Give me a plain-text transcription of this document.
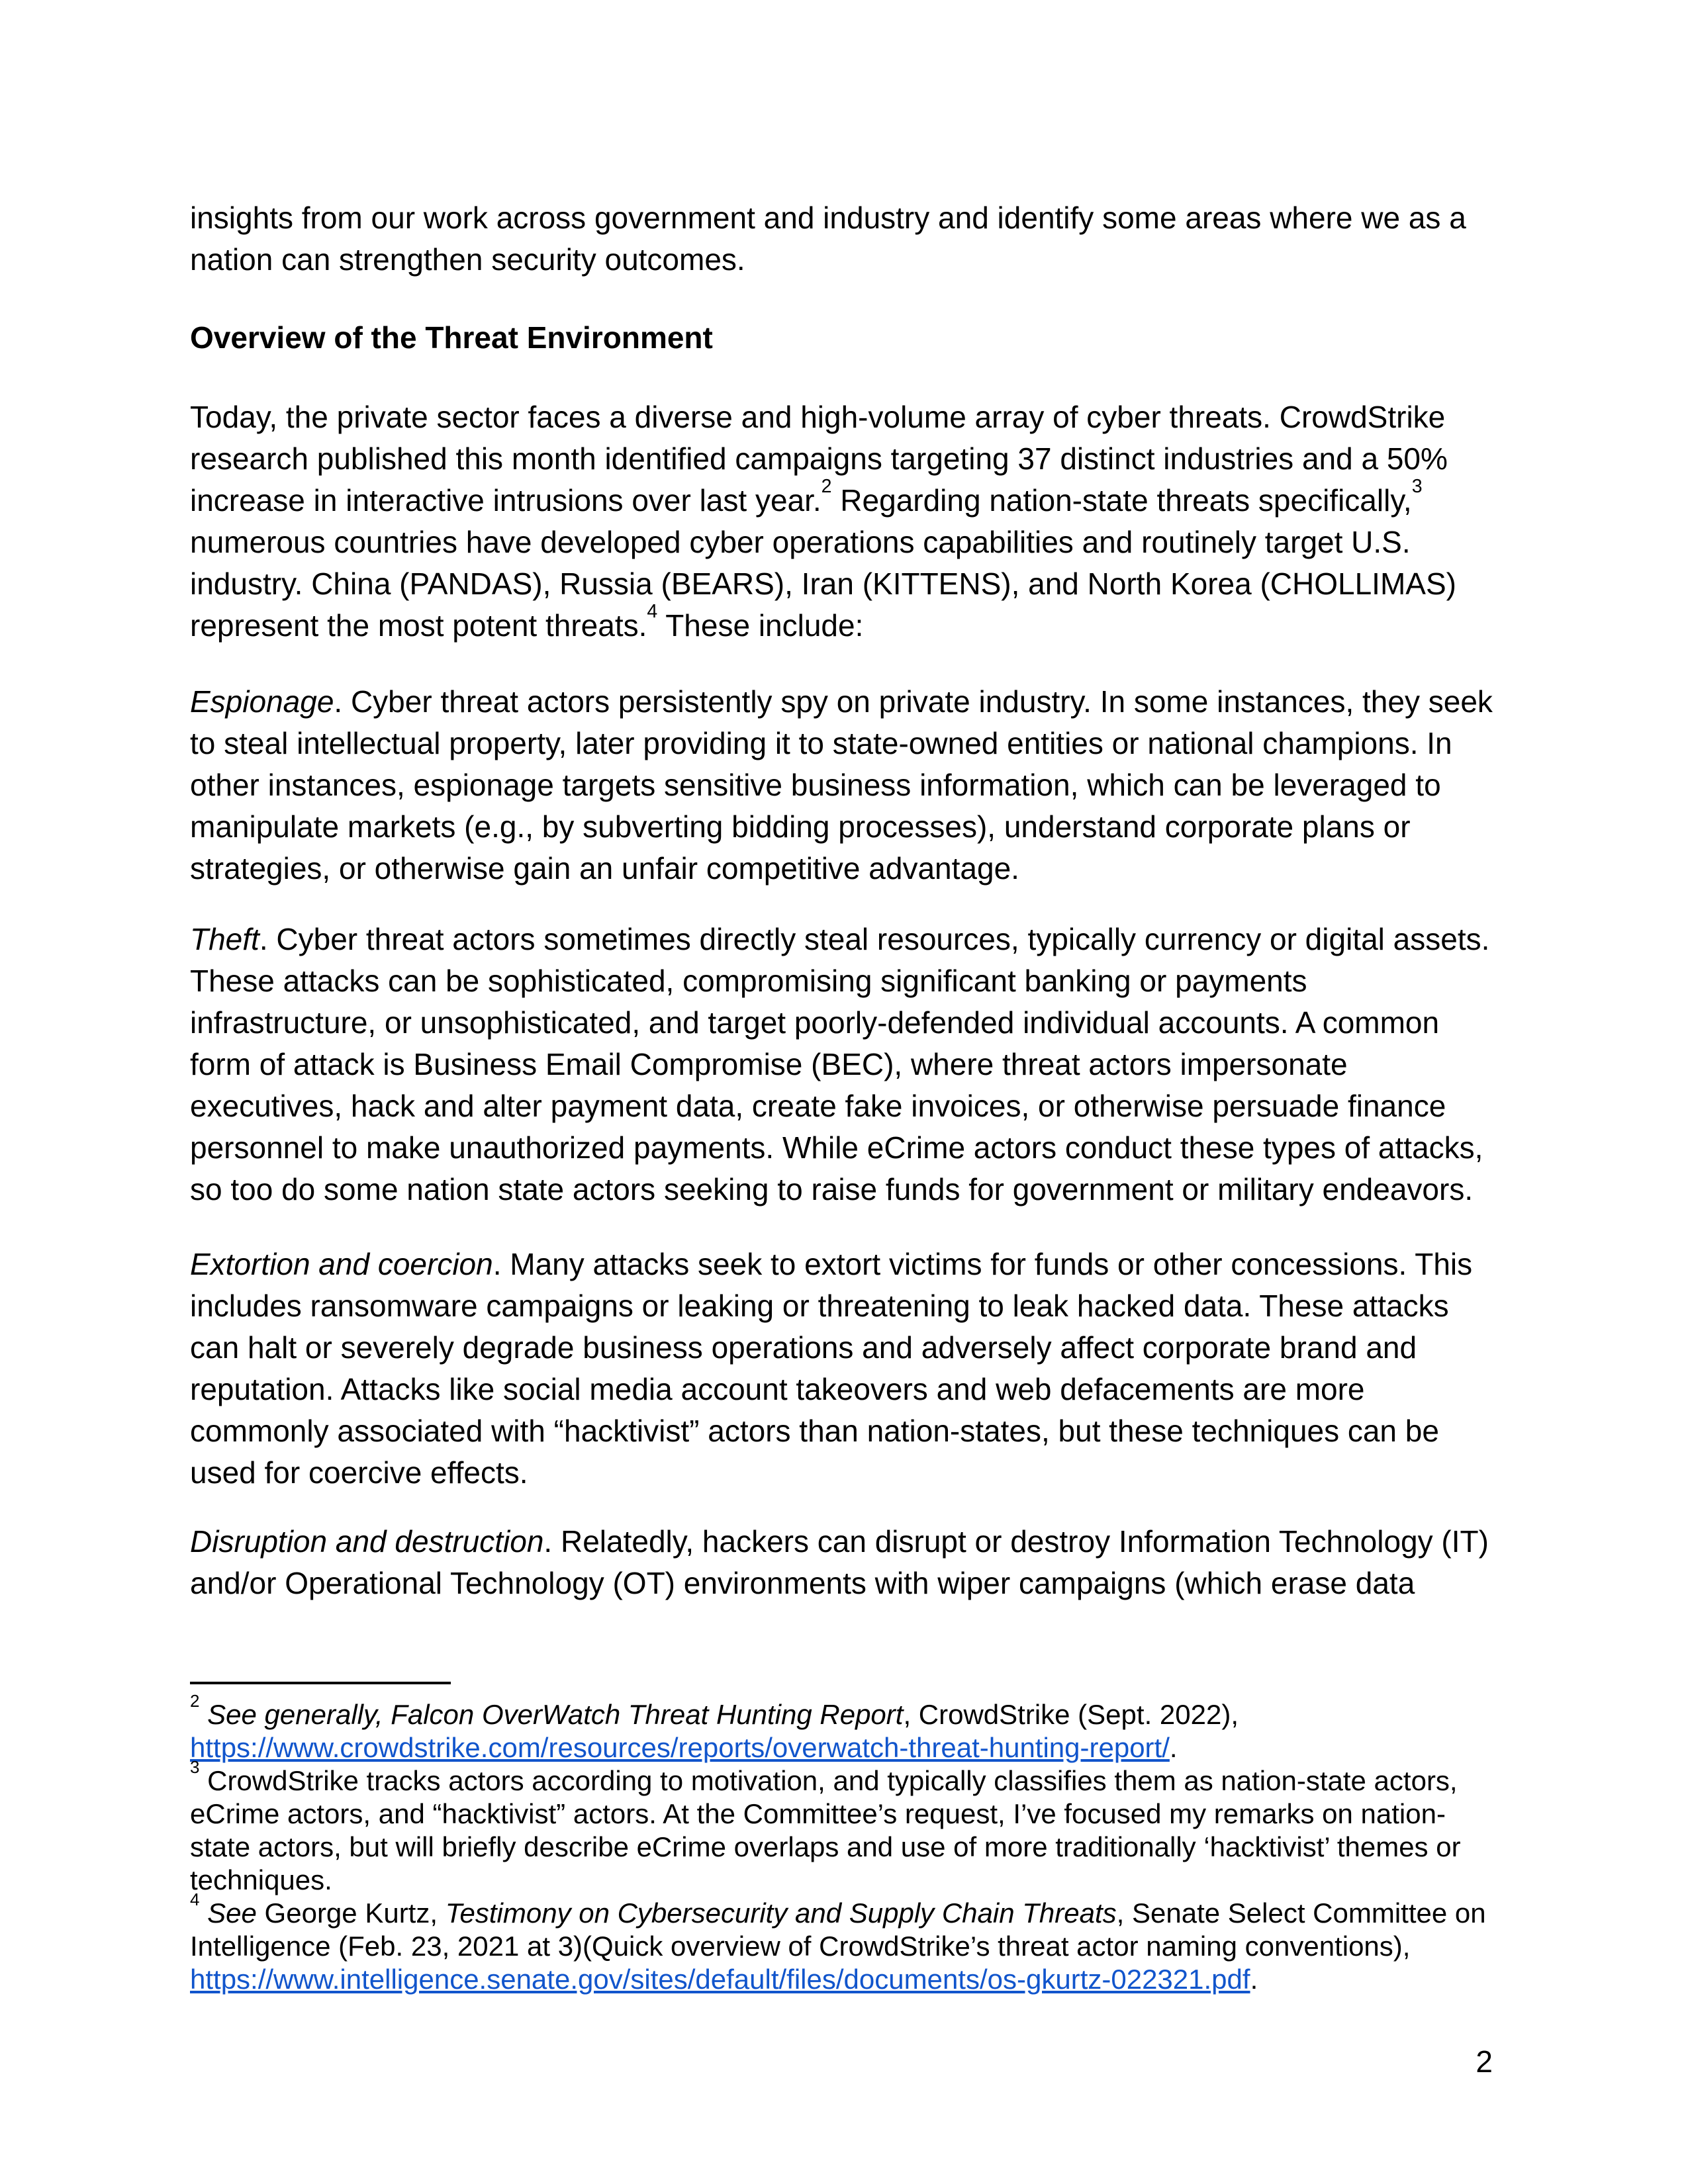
insights from our work across government and industry and identify some areas where we as a nation can strengthen security outcomes.

Overview of the Threat Environment

Today, the private sector faces a diverse and high-volume array of cyber threats. CrowdStrike research published this month identified campaigns targeting 37 distinct industries and a 50% increase in interactive intrusions over last year.$^2$ Regarding nation-state threats specifically,$^3$ numerous countries have developed cyber operations capabilities and routinely target U.S. industry. China (PANDAS), Russia (BEARS), Iran (KITTENS), and North Korea (CHOLLIMAS) represent the most potent threats.$^4$ These include:

Espionage. Cyber threat actors persistently spy on private industry. In some instances, they seek to steal intellectual property, later providing it to state-owned entities or national champions. In other instances, espionage targets sensitive business information, which can be leveraged to manipulate markets (e.g., by subverting bidding processes), understand corporate plans or strategies, or otherwise gain an unfair competitive advantage.

Theft. Cyber threat actors sometimes directly steal resources, typically currency or digital assets. These attacks can be sophisticated, compromising significant banking or payments infrastructure, or unsophisticated, and target poorly-defended individual accounts. A common form of attack is Business Email Compromise (BEC), where threat actors impersonate executives, hack and alter payment data, create fake invoices, or otherwise persuade finance personnel to make unauthorized payments. While eCrime actors conduct these types of attacks, so too do some nation state actors seeking to raise funds for government or military endeavors.

Extortion and coercion. Many attacks seek to extort victims for funds or other concessions. This includes ransomware campaigns or leaking or threatening to leak hacked data. These attacks can halt or severely degrade business operations and adversely affect corporate brand and reputation. Attacks like social media account takeovers and web defacements are more commonly associated with “hacktivist” actors than nation-states, but these techniques can be used for coercive effects.

Disruption and destruction. Relatedly, hackers can disrupt or destroy Information Technology (IT) and/or Operational Technology (OT) environments with wiper campaigns (which erase data

$^2$ See generally, Falcon OverWatch Threat Hunting Report, CrowdStrike (Sept. 2022), https://www.crowdstrike.com/resources/reports/overwatch-threat-hunting-report/.
$^3$ CrowdStrike tracks actors according to motivation, and typically classifies them as nation-state actors, eCrime actors, and “hacktivist” actors. At the Committee’s request, I’ve focused my remarks on nation-state actors, but will briefly describe eCrime overlaps and use of more traditionally ‘hacktivist’ themes or techniques.
$^4$ See George Kurtz, Testimony on Cybersecurity and Supply Chain Threats, Senate Select Committee on Intelligence (Feb. 23, 2021 at 3)(Quick overview of CrowdStrike’s threat actor naming conventions), https://www.intelligence.senate.gov/sites/default/files/documents/os-gkurtz-022321.pdf.
2
